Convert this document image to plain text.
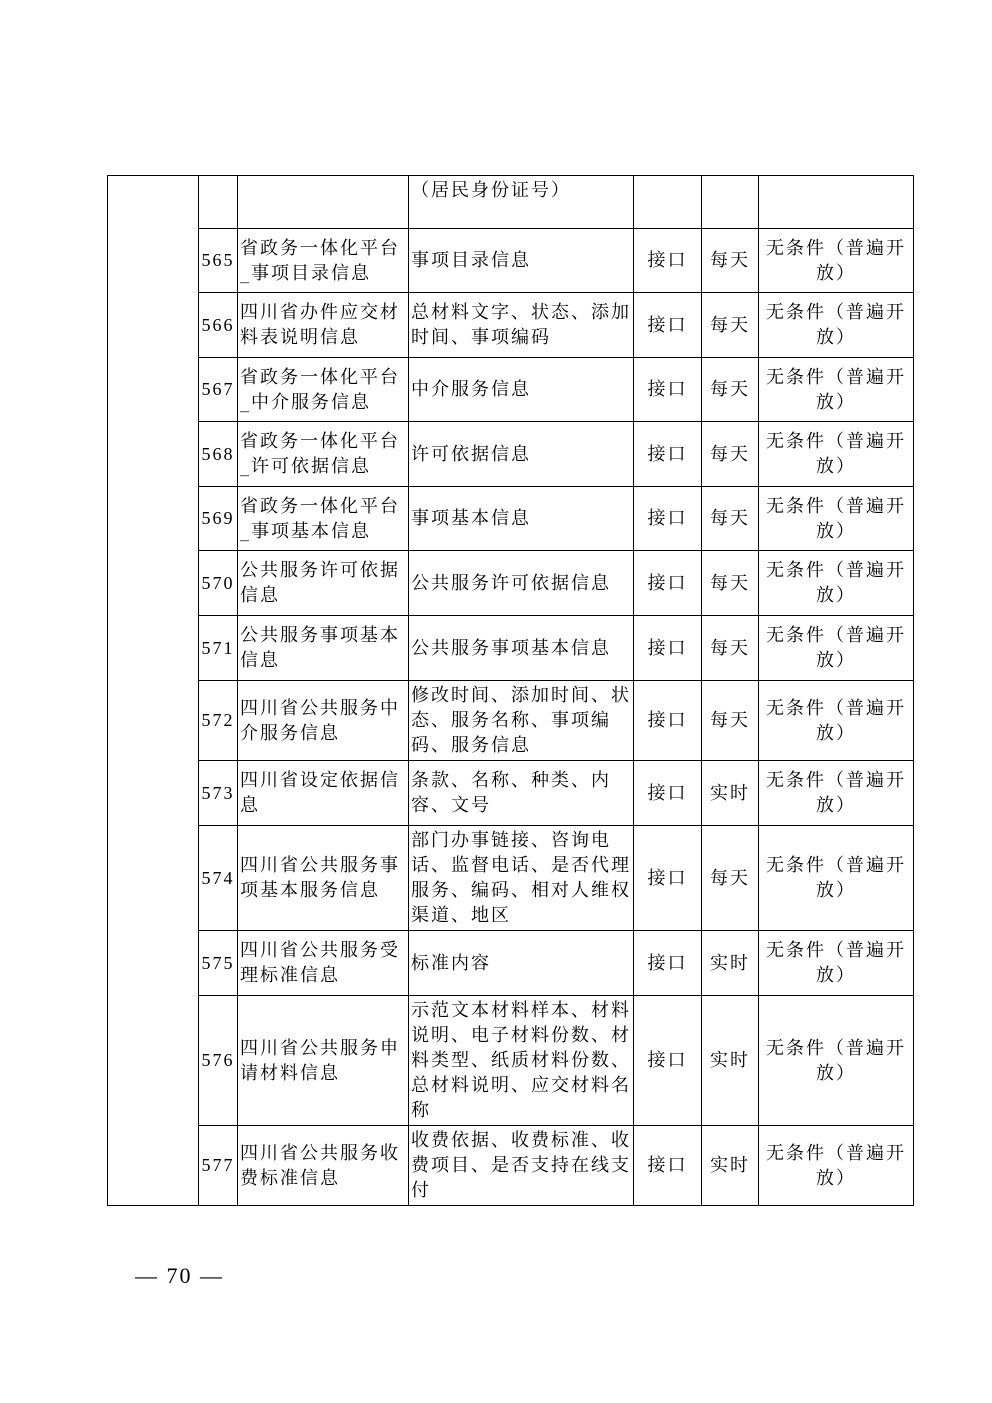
			（居民身份证号）			
	565	省政务一体化平台_事项目录信息	事项目录信息	接口	每天	无条件（普遍开放）
	566	四川省办件应交材料表说明信息	总材料文字、状态、添加时间、事项编码	接口	每天	无条件（普遍开放）
	567	省政务一体化平台_中介服务信息	中介服务信息	接口	每天	无条件（普遍开放）
	568	省政务一体化平台_许可依据信息	许可依据信息	接口	每天	无条件（普遍开放）
	569	省政务一体化平台_事项基本信息	事项基本信息	接口	每天	无条件（普遍开放）
	570	公共服务许可依据信息	公共服务许可依据信息	接口	每天	无条件（普遍开放）
	571	公共服务事项基本信息	公共服务事项基本信息	接口	每天	无条件（普遍开放）
	572	四川省公共服务中介服务信息	修改时间、添加时间、状态、服务名称、事项编码、服务信息	接口	每天	无条件（普遍开放）
	573	四川省设定依据信息	条款、名称、种类、内容、文号	接口	实时	无条件（普遍开放）
	574	四川省公共服务事项基本服务信息	部门办事链接、咨询电话、监督电话、是否代理服务、编码、相对人维权渠道、地区	接口	每天	无条件（普遍开放）
	575	四川省公共服务受理标准信息	标准内容	接口	实时	无条件（普遍开放）
	576	四川省公共服务申请材料信息	示范文本材料样本、材料说明、电子材料份数、材料类型、纸质材料份数、总材料说明、应交材料名称	接口	实时	无条件（普遍开放）
	577	四川省公共服务收费标准信息	收费依据、收费标准、收费项目、是否支持在线支付	接口	实时	无条件（普遍开放）
— 70 —
